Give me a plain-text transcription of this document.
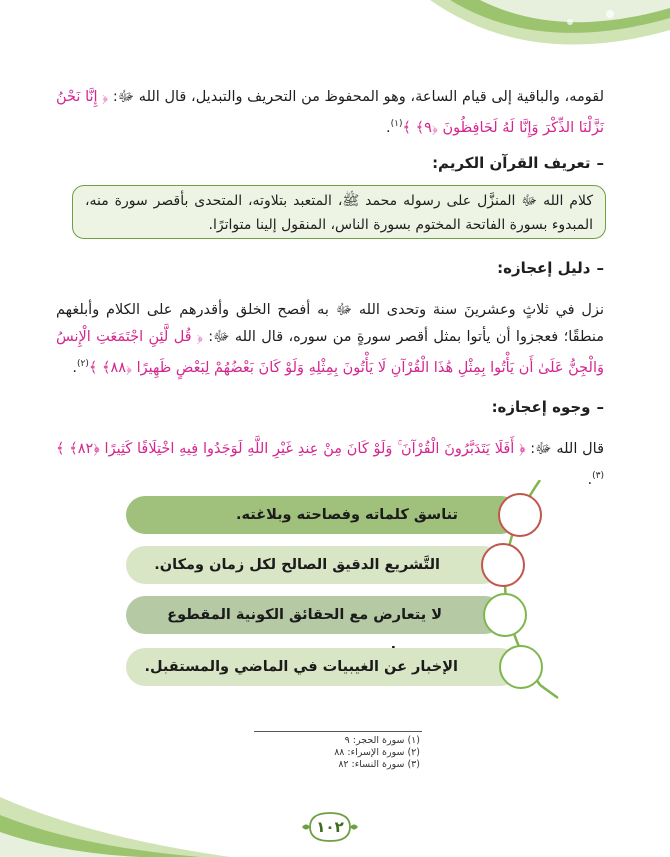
لقومه، والباقية إلى قيام الساعة، وهو المحفوظ من التحريف والتبديل، قال الله ﷻ: ﴿ إِنَّا نَحْنُ نَزَّلْنَا الذِّكْرَ وَإِنَّا لَهُ لَحَافِظُونَ ﴿٩﴾ ﴾$^{(١)}$.
–تعريف القرآن الكريم:
كلام الله ﷻ المنزَّل على رسوله محمد ﷺ، المتعبد بتلاوته، المتحدى بأقصر سورة منه، المبدوء بسورة الفاتحة المختوم بسورة الناس، المنقول إلينا متواترًا.
–دليل إعجازه:
نزل في ثلاثٍ وعشرينَ سنة وتحدى الله ﷻ به أفصح الخلق وأقدرهم على الكلام وأبلغهم منطقًا؛ فعجزوا أن يأتوا بمثل أقصر سورةٍ من سوره، قال الله ﷻ: ﴿ قُل لَّئِنِ اجْتَمَعَتِ الْإِنسُ وَالْجِنُّ عَلَىٰ أَن يَأْتُوا بِمِثْلِ هَٰذَا الْقُرْآنِ لَا يَأْتُونَ بِمِثْلِهِ وَلَوْ كَانَ بَعْضُهُمْ لِبَعْضٍ ظَهِيرًا ﴿٨٨﴾ ﴾$^{(٢)}$.
–وجوه إعجازه:
قال الله ﷻ: ﴿ أَفَلَا يَتَدَبَّرُونَ الْقُرْآنَ ۚ وَلَوْ كَانَ مِنْ عِندِ غَيْرِ اللَّهِ لَوَجَدُوا فِيهِ اخْتِلَافًا كَثِيرًا ﴿٨٢﴾ ﴾$^{(٣)}$.
تناسق كلماته وفصاحته وبلاغته.
التَّشريع الدقيق الصالح لكل زمان ومكان.
لا يتعارض مع الحقائق الكونية المقطوع
الإخبار عن الغيبيات في الماضي والمستقبل.
(١) سورة الحجر: ٩
(٢) سورة الإسراء: ٨٨
(٣) سورة النساء: ٨٢
١٠٢
